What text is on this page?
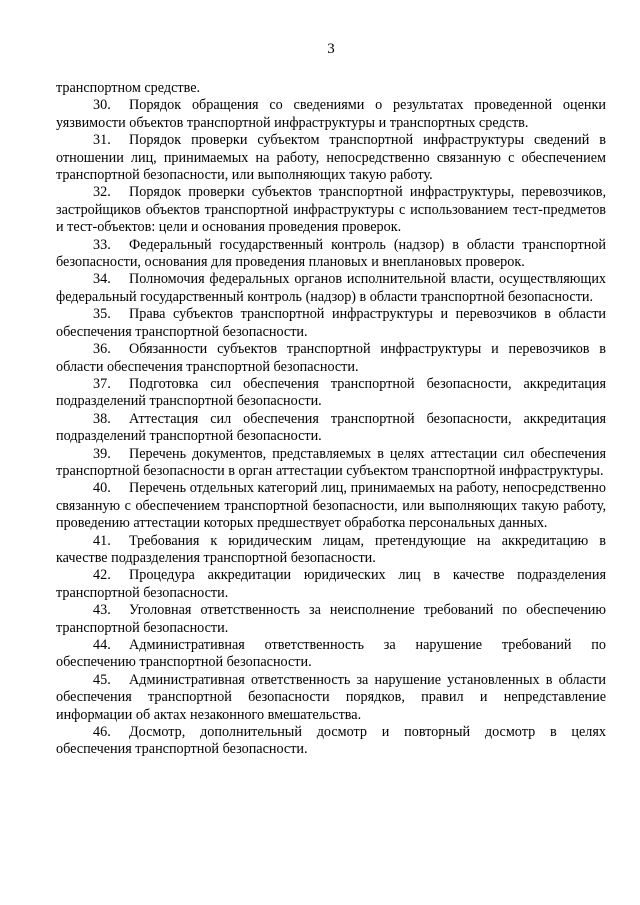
3

транспортном средстве.

30. Порядок обращения со сведениями о результатах проведенной оценки уязвимости объектов транспортной инфраструктуры и транспортных средств.

31. Порядок проверки субъектом транспортной инфраструктуры сведений в отношении лиц, принимаемых на работу, непосредственно связанную с обеспечением транспортной безопасности, или выполняющих такую работу.

32. Порядок проверки субъектов транспортной инфраструктуры, перевозчиков, застройщиков объектов транспортной инфраструктуры с использованием тест-предметов и тест-объектов: цели и основания проведения проверок.

33. Федеральный государственный контроль (надзор) в области транспортной безопасности, основания для проведения плановых и внеплановых проверок.

34. Полномочия федеральных органов исполнительной власти, осуществляющих федеральный государственный контроль (надзор) в области транспортной безопасности.

35. Права субъектов транспортной инфраструктуры и перевозчиков в области обеспечения транспортной безопасности.

36. Обязанности субъектов транспортной инфраструктуры и перевозчиков в области обеспечения транспортной безопасности.

37. Подготовка сил обеспечения транспортной безопасности, аккредитация подразделений транспортной безопасности.

38. Аттестация сил обеспечения транспортной безопасности, аккредитация подразделений транспортной безопасности.

39. Перечень документов, представляемых в целях аттестации сил обеспечения транспортной безопасности в орган аттестации субъектом транспортной инфраструктуры.

40. Перечень отдельных категорий лиц, принимаемых на работу, непосредственно связанную с обеспечением транспортной безопасности, или выполняющих такую работу, проведению аттестации которых предшествует обработка персональных данных.

41. Требования к юридическим лицам, претендующие на аккредитацию в качестве подразделения транспортной безопасности.

42. Процедура аккредитации юридических лиц в качестве подразделения транспортной безопасности.

43. Уголовная ответственность за неисполнение требований по обеспечению транспортной безопасности.

44. Административная ответственность за нарушение требований по обеспечению транспортной безопасности.

45. Административная ответственность за нарушение установленных в области обеспечения транспортной безопасности порядков, правил и непредставление информации об актах незаконного вмешательства.

46. Досмотр, дополнительный досмотр и повторный досмотр в целях обеспечения транспортной безопасности.
